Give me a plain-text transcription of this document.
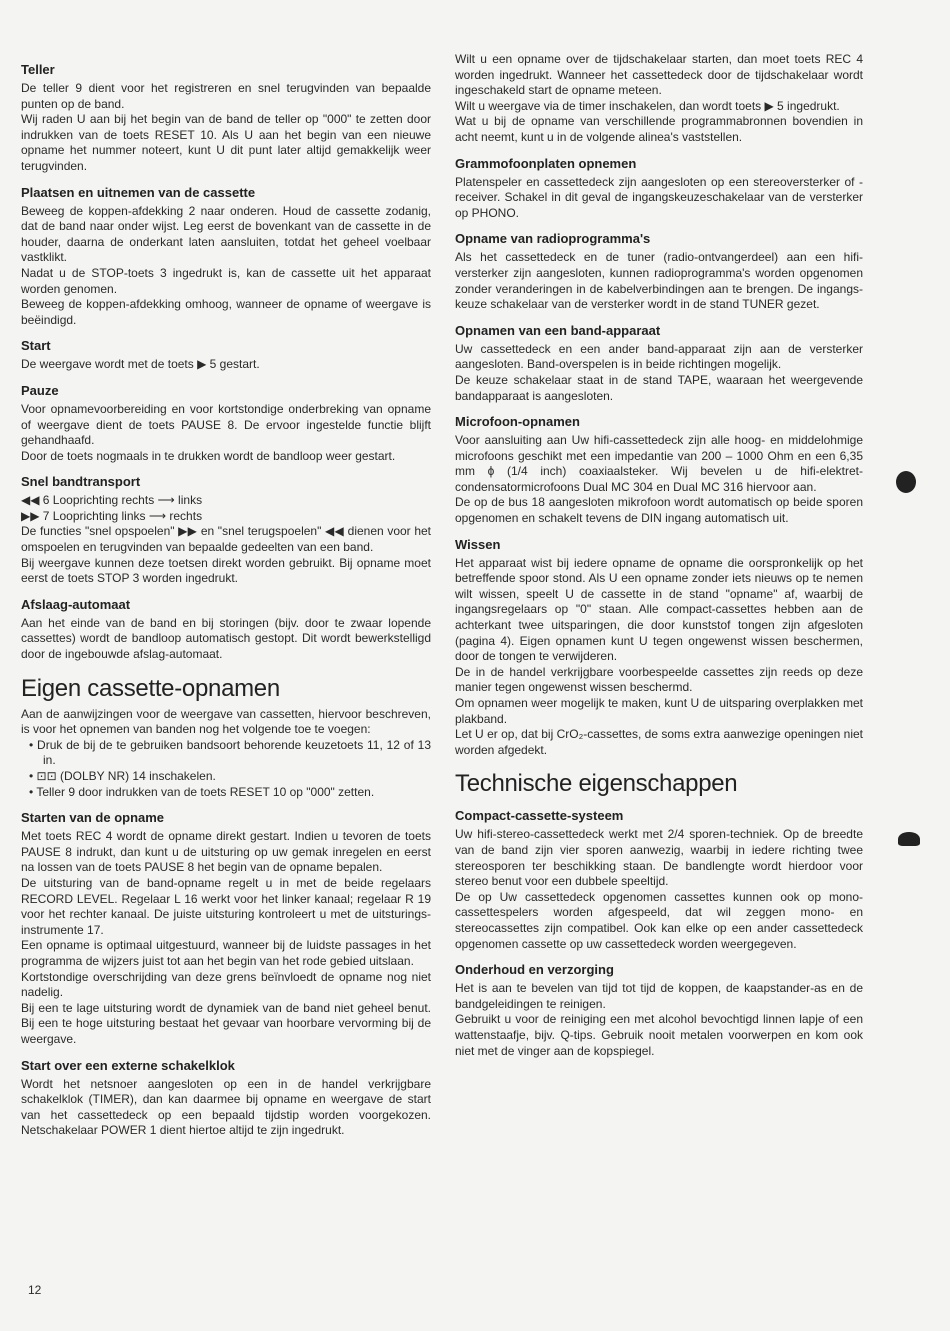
Teller

De teller 9 dient voor het registreren en snel terugvinden van bepaalde punten op de band.

Wij raden U aan bij het begin van de band de teller op "000" te zetten door indrukken van de toets RESET 10. Als U aan het begin van een nieuwe opname het nummer noteert, kunt U dit punt later altijd gemakkelijk weer terugvinden.

Plaatsen en uitnemen van de cassette

Beweeg de koppen-afdekking 2 naar onderen. Houd de cassette zodanig, dat de band naar onder wijst. Leg eerst de bovenkant van de cassette in de houder, daarna de onderkant laten aansluiten, totdat het geheel voelbaar vastklikt.

Nadat u de STOP-toets 3 ingedrukt is, kan de cassette uit het apparaat worden genomen.

Beweeg de koppen-afdekking omhoog, wanneer de opname of weergave is beëindigd.

Start

De weergave wordt met de toets ▶ 5 gestart.

Pauze

Voor opnamevoorbereiding en voor kortstondige onderbreking van opname of weergave dient de toets PAUSE 8. De ervoor ingestelde functie blijft gehandhaafd.

Door de toets nogmaals in te drukken wordt de bandloop weer gestart.

Snel bandtransport

◀◀ 6 Looprichting rechts ⟶ links

▶▶ 7 Looprichting links ⟶ rechts

De functies "snel opspoelen" ▶▶ en "snel terugspoelen" ◀◀ dienen voor het omspoelen en terugvinden van bepaalde gedeelten van een band.

Bij weergave kunnen deze toetsen direkt worden gebruikt. Bij opname moet eerst de toets STOP 3 worden ingedrukt.

Afslaag-automaat

Aan het einde van de band en bij storingen (bijv. door te zwaar lopende cassettes) wordt de bandloop automatisch gestopt. Dit wordt bewerkstelligd door de ingebouwde afslag-automaat.

Eigen cassette-opnamen

Aan de aanwijzingen voor de weergave van cassetten, hiervoor beschreven, is voor het opnemen van banden nog het volgende toe te voegen:

• Druk de bij de te gebruiken bandsoort behorende keuzetoets 11, 12 of 13 in.
• ⊡⊡ (DOLBY NR) 14 inschakelen.
• Teller 9 door indrukken van de toets RESET 10 op "000" zetten.
Starten van de opname

Met toets REC 4 wordt de opname direkt gestart. Indien u tevoren de toets PAUSE 8 indrukt, dan kunt u de uitsturing op uw gemak inregelen en eerst na lossen van de toets PAUSE 8 het begin van de opname bepalen.

De uitsturing van de band-opname regelt u in met de beide regelaars RECORD LEVEL. Regelaar L 16 werkt voor het linker kanaal; regelaar R 19 voor het rechter kanaal. De juiste uitsturing kontroleert u met de uitsturings-instrumente 17.

Een opname is optimaal uitgestuurd, wanneer bij de luidste passages in het programma de wijzers juist tot aan het begin van het rode gebied uitslaan.

Kortstondige overschrijding van deze grens beïnvloedt de opname nog niet nadelig.

Bij een te lage uitsturing wordt de dynamiek van de band niet geheel benut. Bij een te hoge uitsturing bestaat het gevaar van hoorbare vervorming bij de weergave.

Start over een externe schakelklok

Wordt het netsnoer aangesloten op een in de handel verkrijgbare schakelklok (TIMER), dan kan daarmee bij opname en weergave de start van het cassettedeck op een bepaald tijdstip worden voorgekozen. Netschakelaar POWER 1 dient hiertoe altijd te zijn ingedrukt.

Wilt u een opname over de tijdschakelaar starten, dan moet toets REC 4 worden ingedrukt. Wanneer het cassettedeck door de tijdschakelaar wordt ingeschakeld start de opname meteen.

Wilt u weergave via de timer inschakelen, dan wordt toets ▶ 5 ingedrukt.

Wat u bij de opname van verschillende programmabronnen bovendien in acht neemt, kunt u in de volgende alinea's vaststellen.

Grammofoonplaten opnemen

Platenspeler en cassettedeck zijn aangesloten op een stereoversterker of -receiver. Schakel in dit geval de ingangskeuzeschakelaar van de versterker op PHONO.

Opname van radioprogramma's

Als het cassettedeck en de tuner (radio-ontvangerdeel) aan een hifi-versterker zijn aangesloten, kunnen radioprogramma's worden opgenomen zonder veranderingen in de kabelverbindingen aan te brengen. De ingangs-keuze schakelaar van de versterker wordt in de stand TUNER gezet.

Opnamen van een band-apparaat

Uw cassettedeck en een ander band-apparaat zijn aan de versterker aangesloten. Band-overspelen is in beide richtingen mogelijk.

De keuze schakelaar staat in de stand TAPE, waaraan het weergevende bandapparaat is aangesloten.

Microfoon-opnamen

Voor aansluiting aan Uw hifi-cassettedeck zijn alle hoog- en middelohmige microfoons geschikt met een impedantie van 200 – 1000 Ohm en een 6,35 mm ϕ (1/4 inch) coaxiaalsteker. Wij bevelen u de hifi-elektret-condensatormicrofoons Dual MC 304 en Dual MC 316 hiervoor aan.

De op de bus 18 aangesloten mikrofoon wordt automatisch op beide sporen opgenomen en schakelt tevens de DIN ingang automatisch uit.

Wissen

Het apparaat wist bij iedere opname de opname die oorspronkelijk op het betreffende spoor stond. Als U een opname zonder iets nieuws op te nemen wilt wissen, speelt U de cassette in de stand "opname" af, waarbij de ingangsregelaars op "0" staan. Alle compact-cassettes hebben aan de achterkant twee uitsparingen, die door kunststof tongen zijn afgesloten (pagina 4). Eigen opnamen kunt U tegen ongewenst wissen beschermen, door de tongen te verwijderen.

De in de handel verkrijgbare voorbespeelde cassettes zijn reeds op deze manier tegen ongewenst wissen beschermd.

Om opnamen weer mogelijk te maken, kunt U de uitsparing overplakken met plakband.

Let U er op, dat bij CrO₂-cassettes, de soms extra aanwezige openingen niet worden afgedekt.

Technische eigenschappen
Compact-cassette-systeem

Uw hifi-stereo-cassettedeck werkt met 2/4 sporen-techniek. Op de breedte van de band zijn vier sporen aanwezig, waarbij in iedere richting twee stereosporen ter beschikking staan. De bandlengte wordt hierdoor voor stereo benut voor een dubbele speeltijd.

De op Uw cassettedeck opgenomen cassettes kunnen ook op mono-cassettespelers worden afgespeeld, dat wil zeggen mono- en stereocassettes zijn compatibel. Ook kan elke op een ander cassettedeck opgenomen cassette op uw cassettedeck worden weergegeven.

Onderhoud en verzorging

Het is aan te bevelen van tijd tot tijd de koppen, de kaapstander-as en de bandgeleidingen te reinigen.

Gebruikt u voor de reiniging een met alcohol bevochtigd linnen lapje of een wattenstaafje, bijv. Q-tips. Gebruik nooit metalen voorwerpen en kom ook niet met de vinger aan de kopspiegel.

12
